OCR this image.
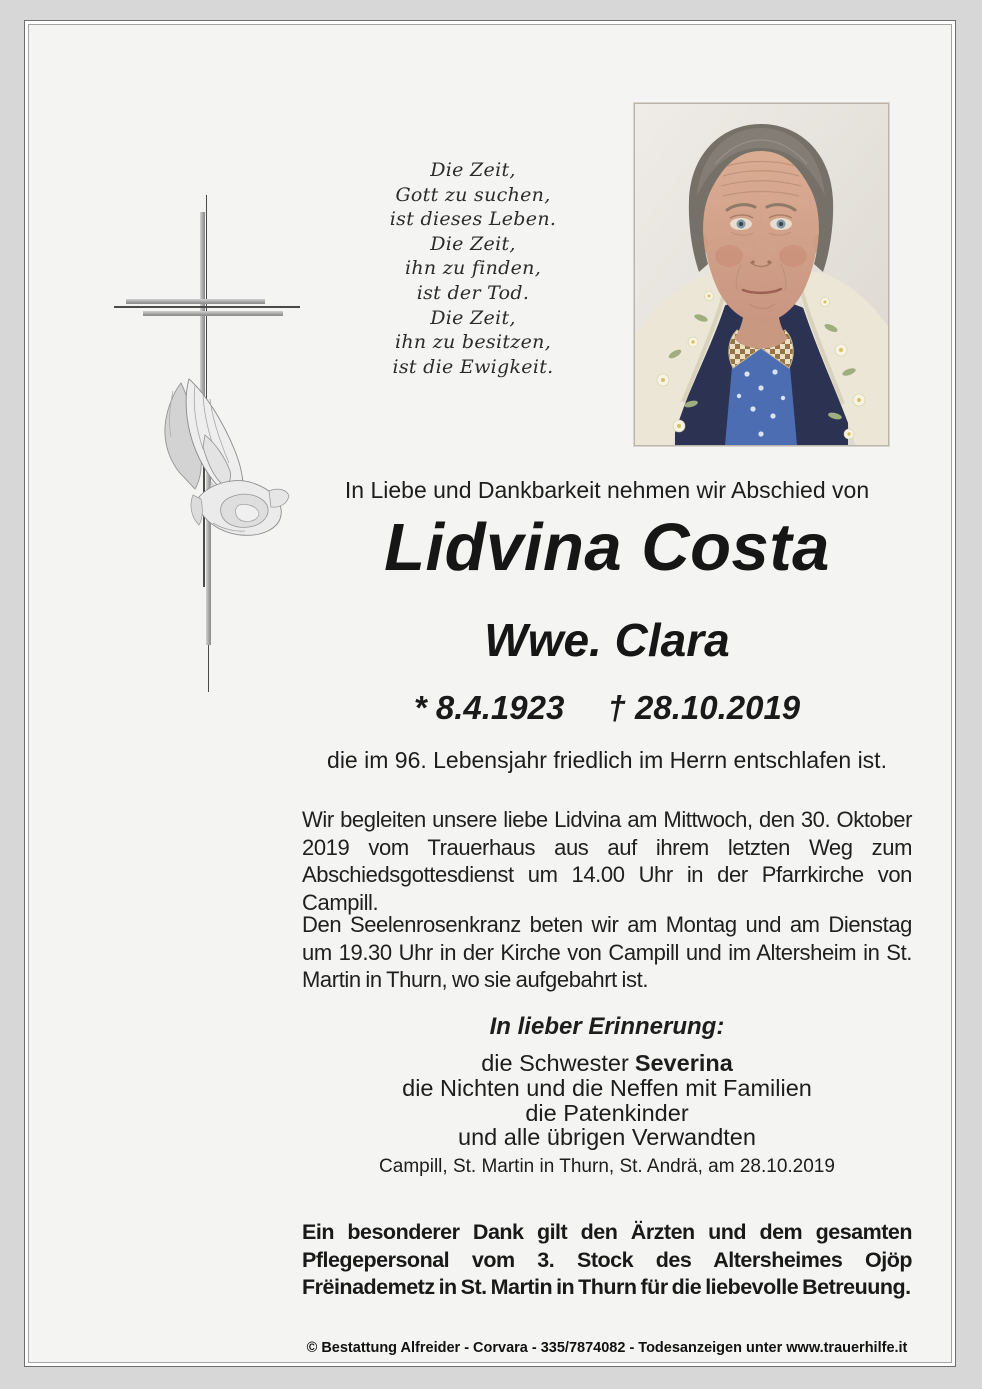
Die Zeit,
Gott zu suchen,
ist dieses Leben.
Die Zeit,
ihn zu finden,
ist der Tod.
Die Zeit,
ihn zu besitzen,
ist die Ewigkeit.
In Liebe und Dankbarkeit nehmen wir Abschied von
Lidvina Costa
Wwe. Clara
* 8.4.1923 † 28.10.2019
die im 96. Lebensjahr friedlich im Herrn entschlafen ist.
Wir begleiten unsere liebe Lidvina am Mittwoch, den 30. Oktober 2019 vom Trauerhaus aus auf ihrem letzten Weg zum Abschiedsgottesdienst um 14.00 Uhr in der Pfarrkirche von Campill.
Den Seelenrosenkranz beten wir am Montag und am Dienstag um 19.30 Uhr in der Kirche von Campill und im Altersheim in St. Martin in Thurn, wo sie aufgebahrt ist.
In lieber Erinnerung:
die Schwester Severina
die Nichten und die Neffen mit Familien
die Patenkinder
und alle übrigen Verwandten
Campill, St. Martin in Thurn, St. Andrä, am 28.10.2019
Ein besonderer Dank gilt den Ärzten und dem gesamten Pflegepersonal vom 3. Stock des Altersheimes Ojöp Frëinademetz in St. Martin in Thurn für die liebevolle Betreuung.
© Bestattung Alfreider - Corvara - 335/7874082 - Todesanzeigen unter www.trauerhilfe.it
